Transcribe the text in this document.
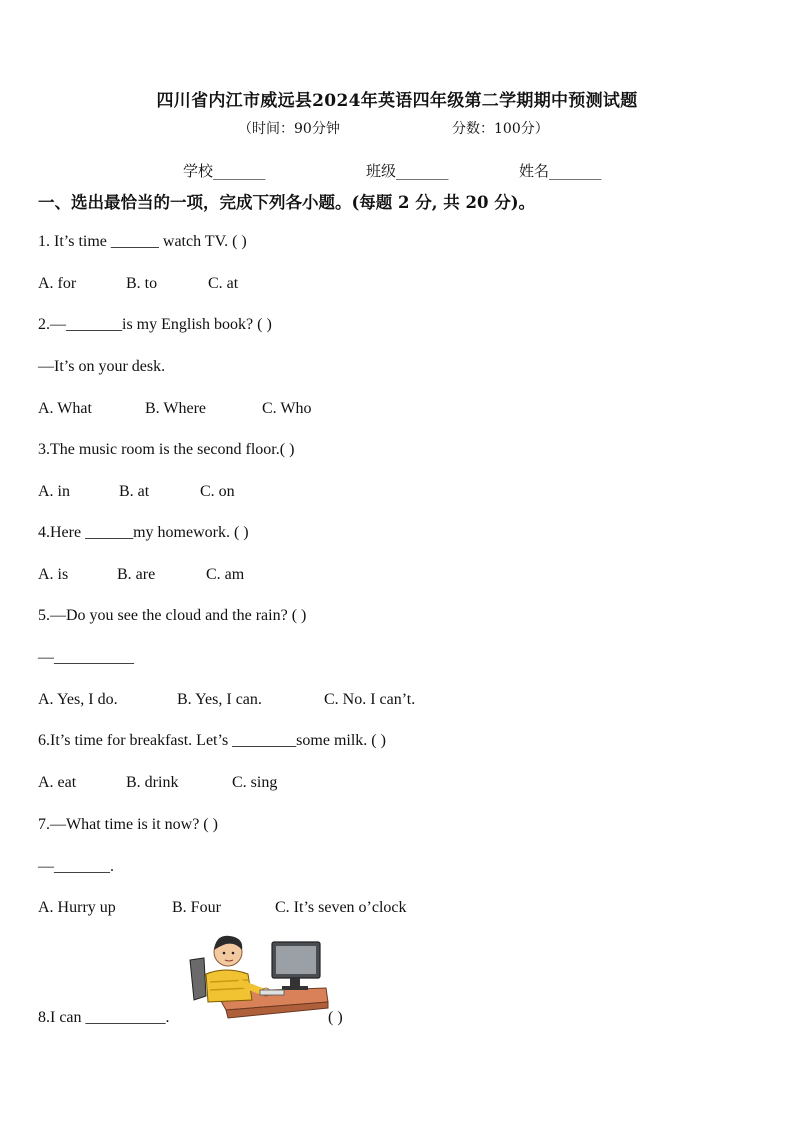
四川省内江市威远县2024年英语四年级第二学期期中预测试题
（时间：90分钟	分数：100分）
学校_______	班级_______	姓名_______
一、选出最恰当的一项，完成下列各小题。(每题 2 分, 共 20 分)。
1. It’s time ______ watch TV. ( )
A. for	B. to	C. at
2.—_______is my English book? ( )
—It’s on your desk.
A. What	B. Where	C. Who
3.The music room is the second floor.( )
A. in	B. at	C. on
4.Here ______my homework. ( )
A. is	B. are	C. am
5.—Do you see the cloud and the rain? ( )
—__________
A. Yes, I do.	B. Yes, I can.	C. No. I can’t.
6.It’s time for breakfast. Let’s ________some milk. ( )
A. eat	B. drink	C. sing
7.—What time is it now? ( )
—_______.
A. Hurry up	B. Four	C. It’s seven o’clock
8.I can __________.	( )
